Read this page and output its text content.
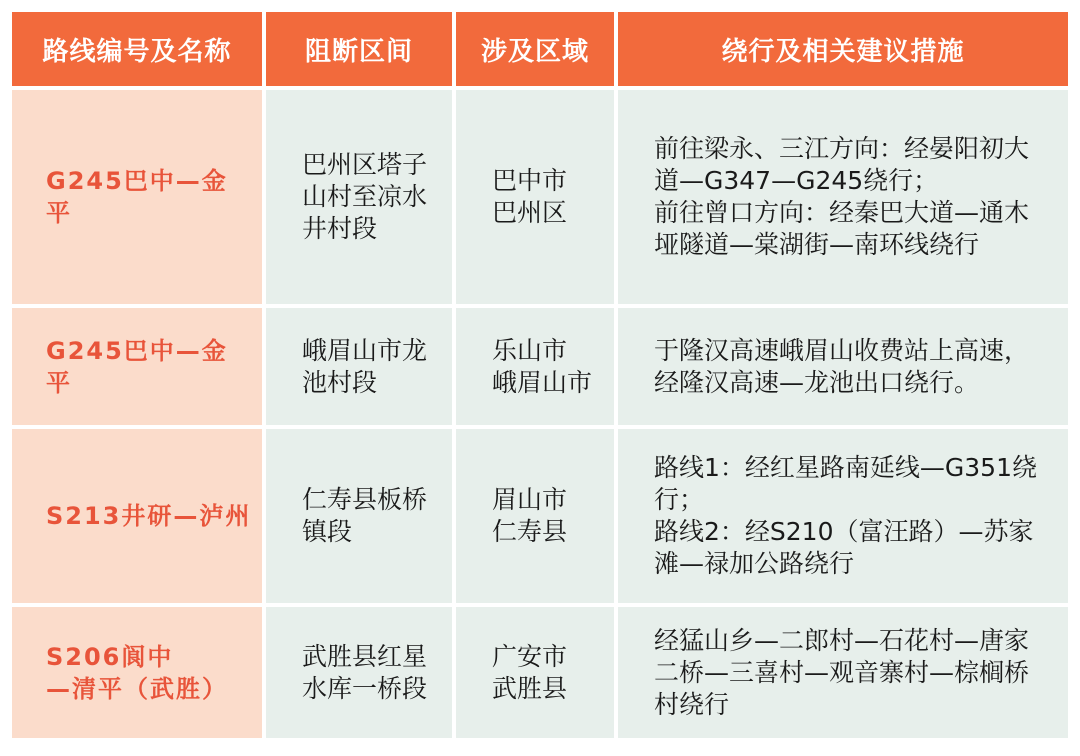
路线编号及名称	阻断区间	涉及区域	绕行及相关建议措施

G245巴中—金平	巴州区塔子
山村至凉水
井村段	巴中市
巴州区	前往梁永、三江方向：经晏阳初大
道—G347—G245绕行；
前往曾口方向：经秦巴大道—通木
垭隧道—棠湖街—南环线绕行

G245巴中—金平	峨眉山市龙
池村段	乐山市
峨眉山市	于隆汉高速峨眉山收费站上高速，
经隆汉高速—龙池出口绕行。

S213井研—泸州	仁寿县板桥
镇段	眉山市
仁寿县	路线1：经红星路南延线—G351绕
行；
路线2：经S210（富汪路）—苏家
滩—禄加公路绕行

S206阆中
—清平（武胜）	武胜县红星
水库一桥段	广安市
武胜县	经猛山乡—二郎村—石花村—唐家
二桥—三喜村—观音寨村—棕榈桥
村绕行
